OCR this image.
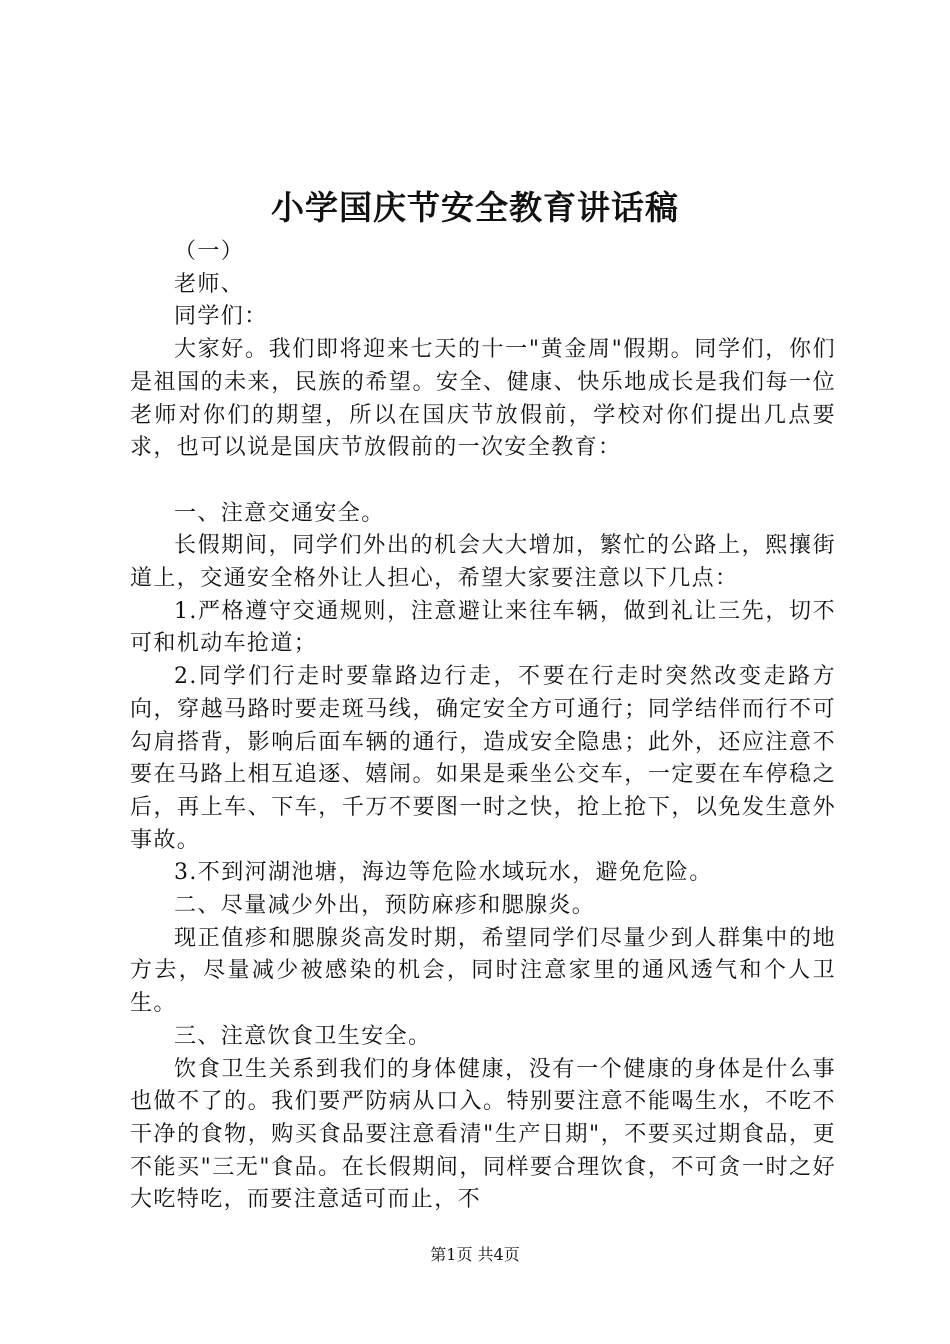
小学国庆节安全教育讲话稿

（一）

老师、

同学们：

大家好。我们即将迎来七天的十一"黄金周"假期。同学们，你们是祖国的未来，民族的希望。安全、健康、快乐地成长是我们每一位老师对你们的期望，所以在国庆节放假前，学校对你们提出几点要求，也可以说是国庆节放假前的一次安全教育：

一、注意交通安全。

长假期间，同学们外出的机会大大增加，繁忙的公路上，熙攘街道上，交通安全格外让人担心，希望大家要注意以下几点：

1.严格遵守交通规则，注意避让来往车辆，做到礼让三先，切不可和机动车抢道；

2.同学们行走时要靠路边行走，不要在行走时突然改变走路方向，穿越马路时要走斑马线，确定安全方可通行；同学结伴而行不可勾肩搭背，影响后面车辆的通行，造成安全隐患；此外，还应注意不要在马路上相互追逐、嬉闹。如果是乘坐公交车，一定要在车停稳之后，再上车、下车，千万不要图一时之快，抢上抢下，以免发生意外事故。

3.不到河湖池塘，海边等危险水域玩水，避免危险。

二、尽量减少外出，预防麻疹和腮腺炎。

现正值疹和腮腺炎高发时期，希望同学们尽量少到人群集中的地方去，尽量减少被感染的机会，同时注意家里的通风透气和个人卫生。

三、注意饮食卫生安全。

饮食卫生关系到我们的身体健康，没有一个健康的身体是什么事也做不了的。我们要严防病从口入。特别要注意不能喝生水，不吃不干净的食物，购买食品要注意看清"生产日期"，不要买过期食品，更不能买"三无"食品。在长假期间，同样要合理饮食，不可贪一时之好大吃特吃，而要注意适可而止，不

第1页 共4页
